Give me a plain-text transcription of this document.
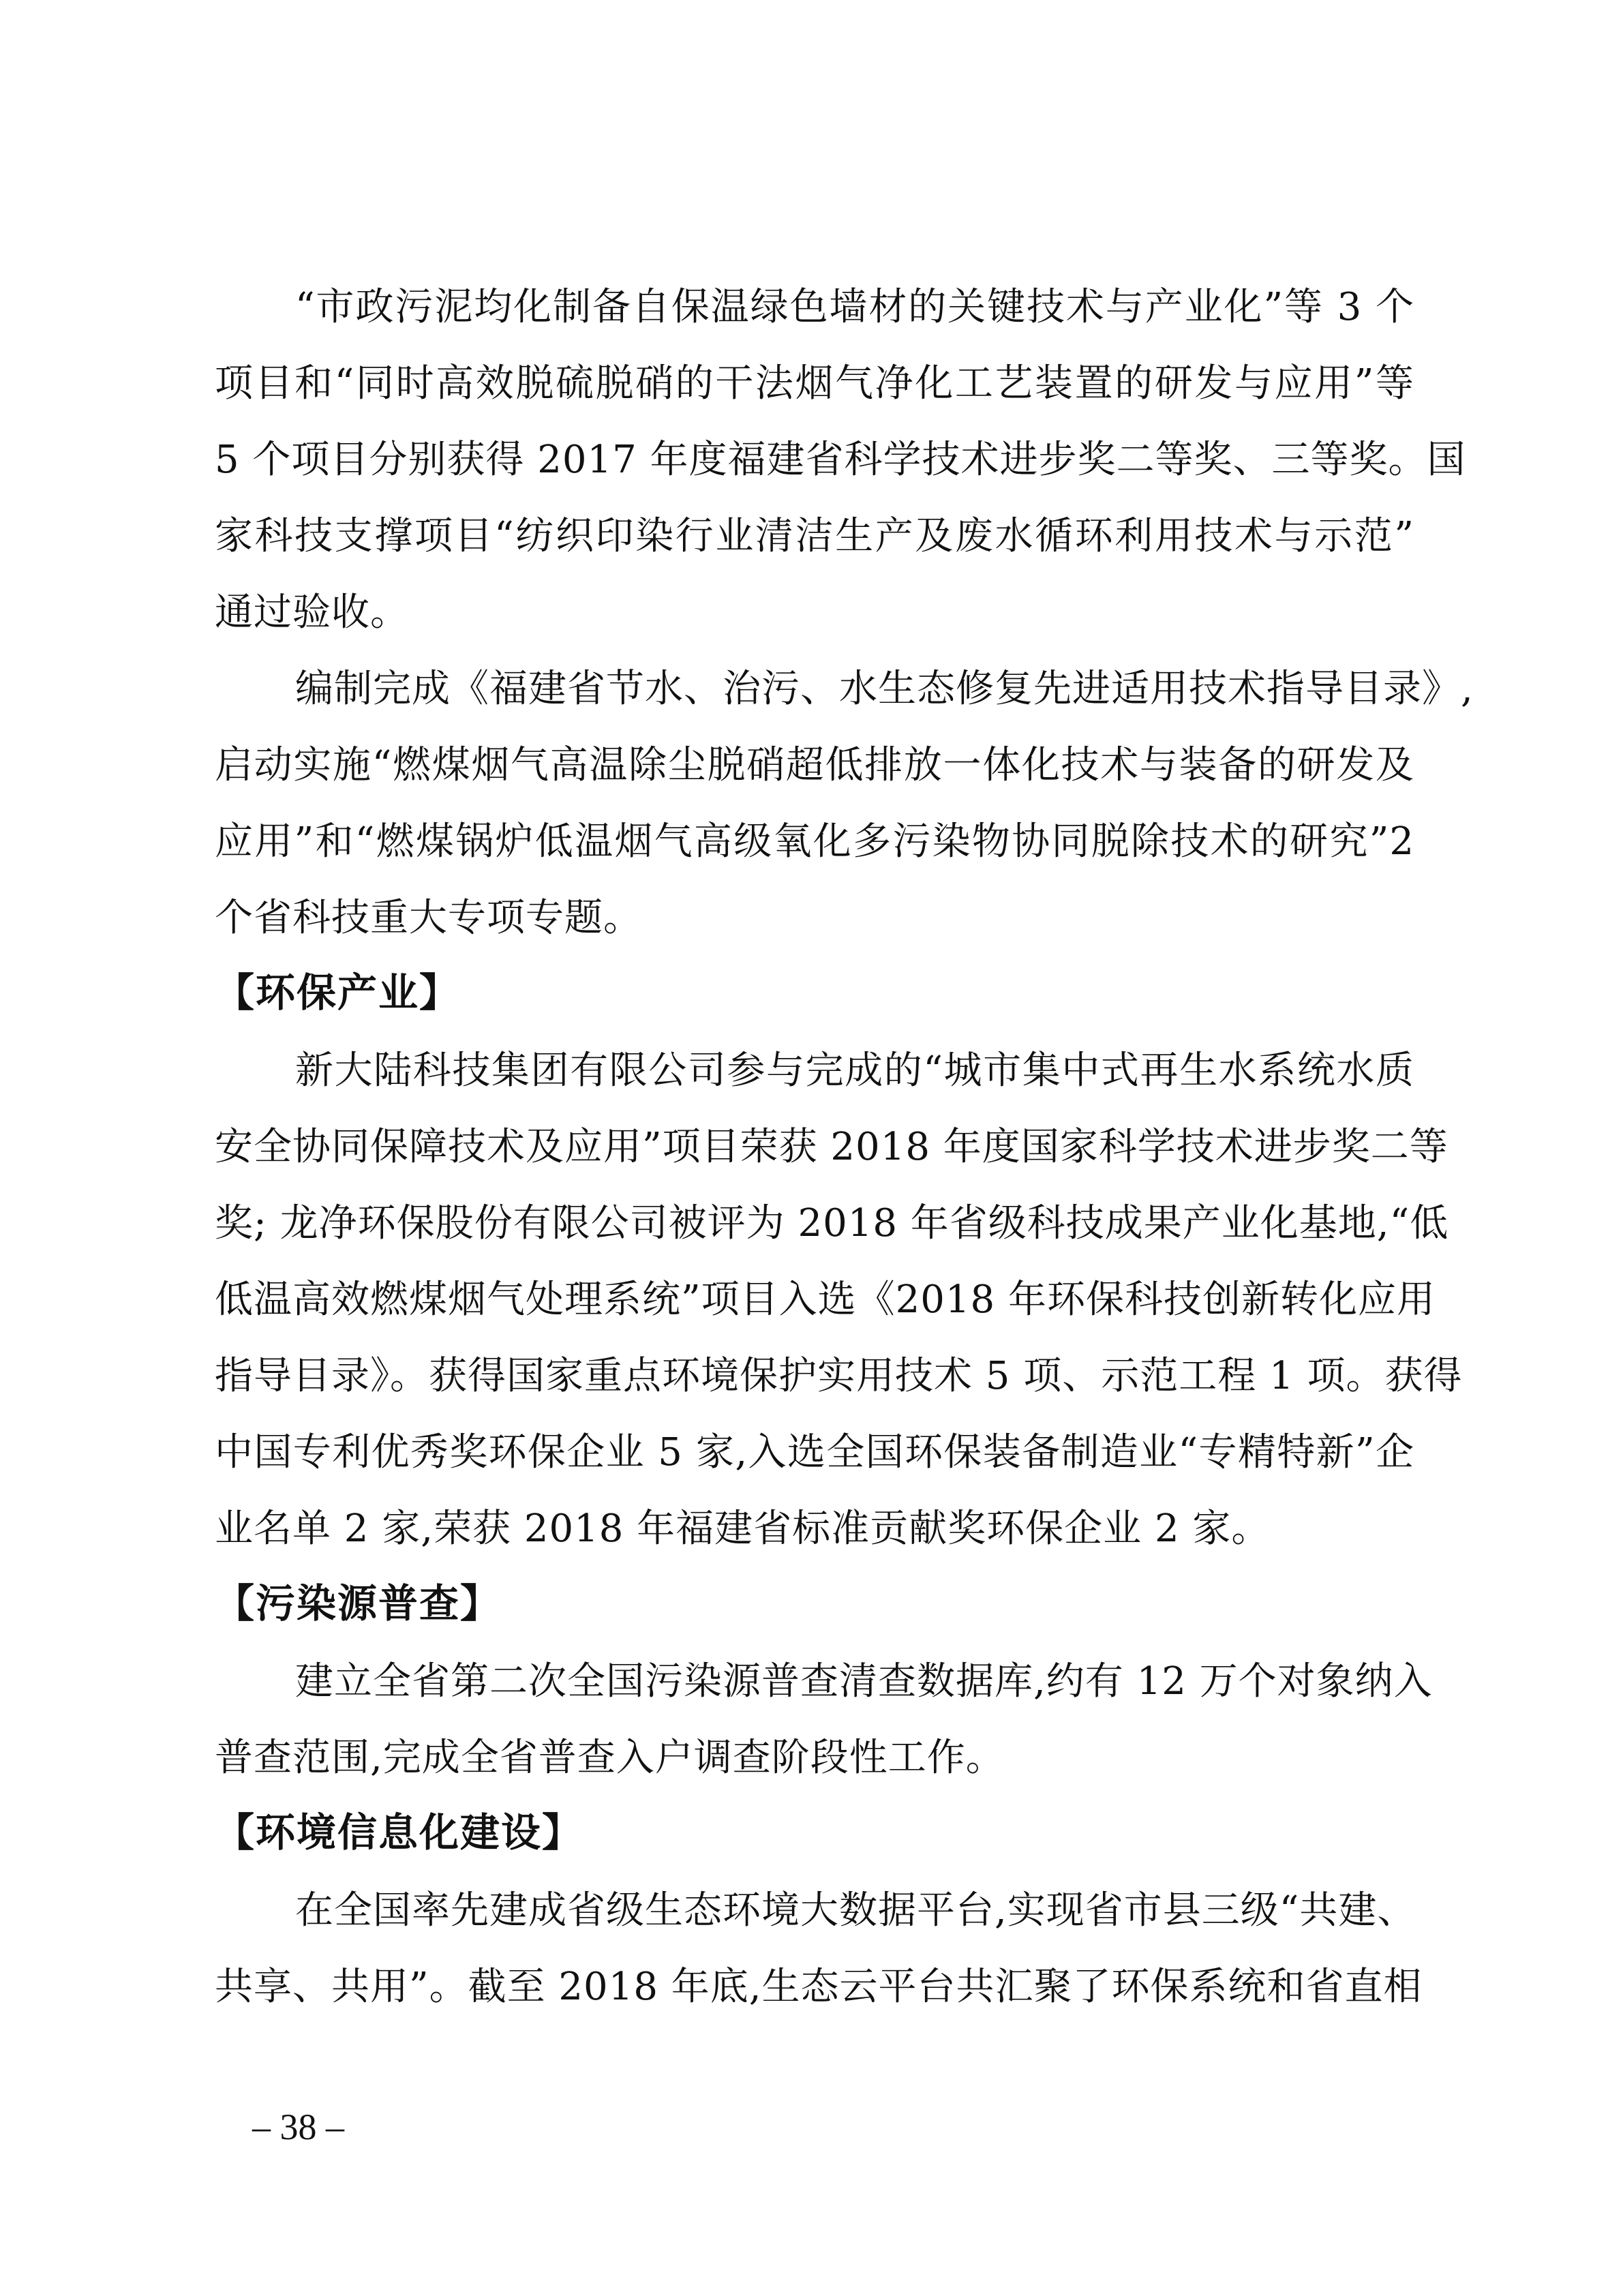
“市政污泥均化制备自保温绿色墙材的关键技术与产业化”等 3 个
项目和“同时高效脱硫脱硝的干法烟气净化工艺装置的研发与应用”等
5 个项目分别获得 2017 年度福建省科学技术进步奖二等奖、三等奖。国
家科技支撑项目“纺织印染行业清洁生产及废水循环利用技术与示范”
通过验收。
编制完成《福建省节水、治污、水生态修复先进适用技术指导目录》,
启动实施“燃煤烟气高温除尘脱硝超低排放一体化技术与装备的研发及
应用”和“燃煤锅炉低温烟气高级氧化多污染物协同脱除技术的研究”2
个省科技重大专项专题。
【环保产业】
新大陆科技集团有限公司参与完成的“城市集中式再生水系统水质
安全协同保障技术及应用”项目荣获 2018 年度国家科学技术进步奖二等
奖; 龙净环保股份有限公司被评为 2018 年省级科技成果产业化基地,“低
低温高效燃煤烟气处理系统”项目入选《2018 年环保科技创新转化应用
指导目录》。获得国家重点环境保护实用技术 5 项、示范工程 1 项。获得
中国专利优秀奖环保企业 5 家,入选全国环保装备制造业“专精特新”企
业名单 2 家,荣获 2018 年福建省标准贡献奖环保企业 2 家。
【污染源普查】
建立全省第二次全国污染源普查清查数据库,约有 12 万个对象纳入
普查范围,完成全省普查入户调查阶段性工作。
【环境信息化建设】
在全国率先建成省级生态环境大数据平台,实现省市县三级“共建、
共享、共用”。截至 2018 年底,生态云平台共汇聚了环保系统和省直相
– 38 –
